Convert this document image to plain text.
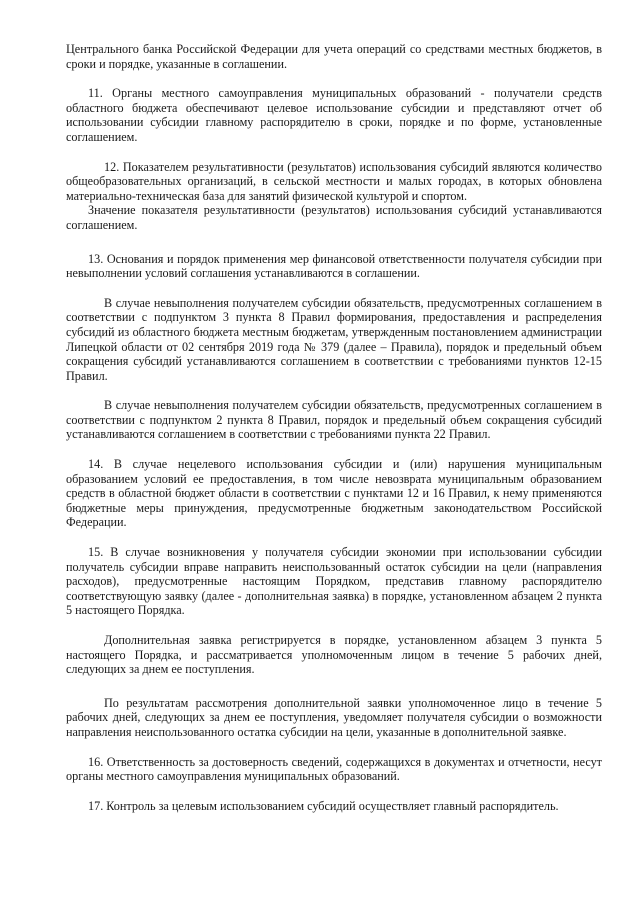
Центрального банка Российской Федерации для учета операций со средствами местных бюджетов, в сроки и порядке, указанные в соглашении.

11. Органы местного самоуправления муниципальных образований - получатели средств областного бюджета обеспечивают целевое использование субсидии и представляют отчет об использовании субсидии главному распорядителю в сроки, порядке и по форме, установленные соглашением.

12. Показателем результативности (результатов) использования субсидий являются количество общеобразовательных организаций, в сельской местности и малых городах, в которых обновлена материально-техническая база для занятий физической культурой и спортом.

Значение показателя результативности (результатов) использования субсидий устанавливаются соглашением.

13. Основания и порядок применения мер финансовой ответственности получателя субсидии при невыполнении условий соглашения устанавливаются в соглашении.

В случае невыполнения получателем субсидии обязательств, предусмотренных соглашением в соответствии с подпунктом 3 пункта 8 Правил формирования, предоставления и распределения субсидий из областного бюджета местным бюджетам, утвержденным постановлением администрации Липецкой области от 02 сентября 2019 года № 379 (далее – Правила), порядок и предельный объем сокращения субсидий устанавливаются соглашением в соответствии с требованиями пунктов 12-15 Правил.

В случае невыполнения получателем субсидии обязательств, предусмотренных соглашением в соответствии с подпунктом 2 пункта 8 Правил, порядок и предельный объем сокращения субсидий устанавливаются соглашением в соответствии с требованиями пункта 22 Правил.

14. В случае нецелевого использования субсидии и (или) нарушения муниципальным образованием условий ее предоставления, в том числе невозврата муниципальным образованием средств в областной бюджет области в соответствии с пунктами 12 и 16 Правил, к нему применяются бюджетные меры принуждения, предусмотренные бюджетным законодательством Российской Федерации.

15. В случае возникновения у получателя субсидии экономии при использовании субсидии получатель субсидии вправе направить неиспользованный остаток субсидии на цели (направления расходов), предусмотренные настоящим Порядком, представив главному распорядителю соответствующую заявку (далее - дополнительная заявка) в порядке, установленном абзацем 2 пункта 5 настоящего Порядка.

Дополнительная заявка регистрируется в порядке, установленном абзацем 3 пункта 5 настоящего Порядка, и рассматривается уполномоченным лицом в течение 5 рабочих дней, следующих за днем ее поступления.

По результатам рассмотрения дополнительной заявки уполномоченное лицо в течение 5 рабочих дней, следующих за днем ее поступления, уведомляет получателя субсидии о возможности направления неиспользованного остатка субсидии на цели, указанные в дополнительной заявке.

16. Ответственность за достоверность сведений, содержащихся в документах и отчетности, несут органы местного самоуправления муниципальных образований.

17. Контроль за целевым использованием субсидий осуществляет главный распорядитель.
